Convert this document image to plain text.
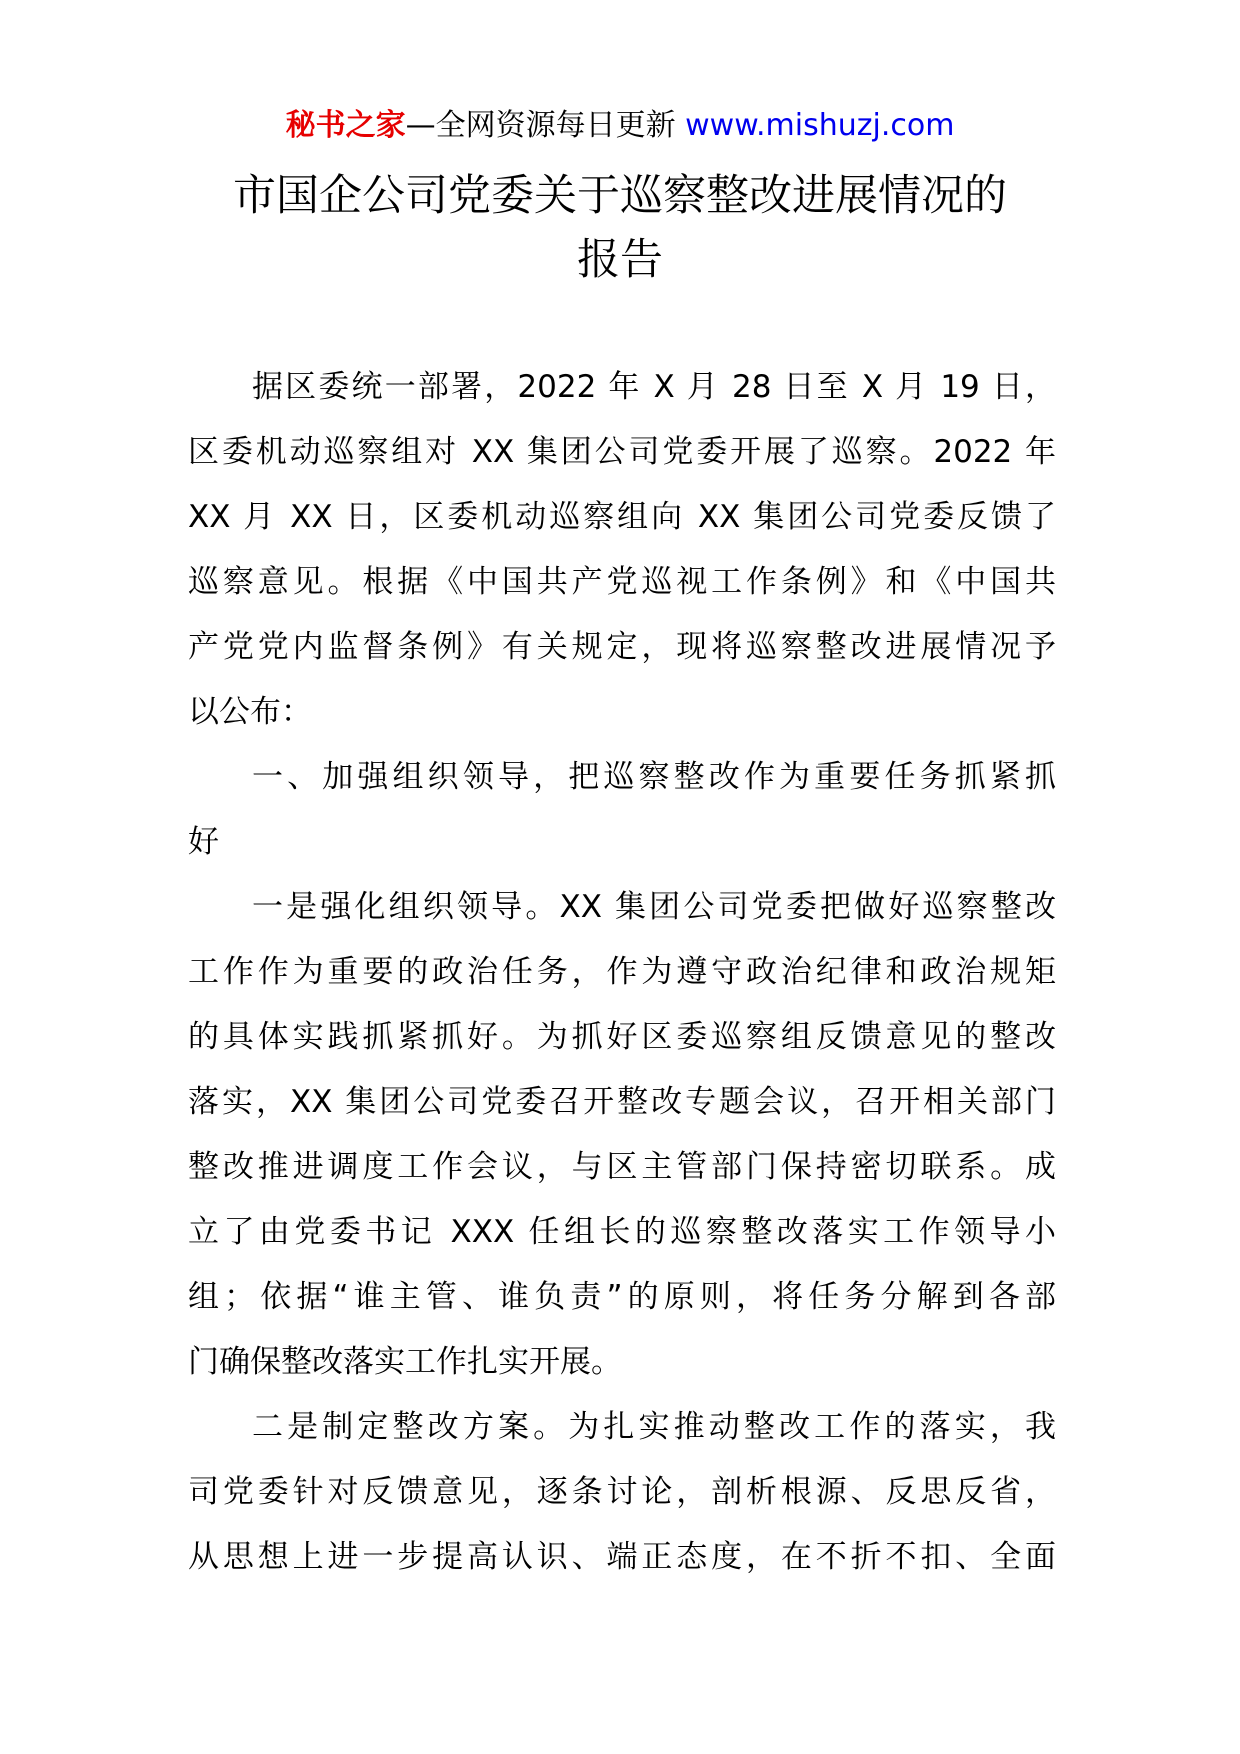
秘书之家—全网资源每日更新 www.mishuzj.com
市国企公司党委关于巡察整改进展情况的
报告
据区委统一部署，2022 年 X 月 28 日至 X 月 19 日，
区委机动巡察组对 XX 集团公司党委开展了巡察。2022 年
XX 月 XX 日，区委机动巡察组向 XX 集团公司党委反馈了
巡察意见。根据《中国共产党巡视工作条例》和《中国共
产党党内监督条例》有关规定，现将巡察整改进展情况予
以公布：
一、加强组织领导，把巡察整改作为重要任务抓紧抓
好
一是强化组织领导。XX 集团公司党委把做好巡察整改
工作作为重要的政治任务，作为遵守政治纪律和政治规矩
的具体实践抓紧抓好。为抓好区委巡察组反馈意见的整改
落实，XX 集团公司党委召开整改专题会议，召开相关部门
整改推进调度工作会议，与区主管部门保持密切联系。成
立了由党委书记 XXX 任组长的巡察整改落实工作领导小
组；依据“谁主管、谁负责”的原则，将任务分解到各部
门确保整改落实工作扎实开展。
二是制定整改方案。为扎实推动整改工作的落实，我
司党委针对反馈意见，逐条讨论，剖析根源、反思反省，
从思想上进一步提高认识、端正态度，在不折不扣、全面
